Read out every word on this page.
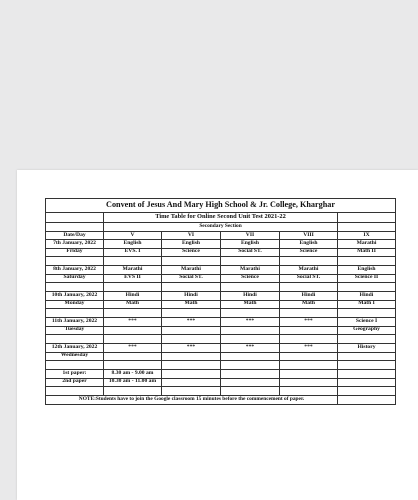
Convent of Jesus And Mary High School & Jr. College, Kharghar					
	Time Table for Online Second Unit Test 2021-22				
	Secondary Section				
Date/Day	V	VI	VII	VIII	IX
7th January, 2022	English	English	English	English	Marathi
Friday	EVS. I	Science	Social ST.	Science	Math II

8th January, 2022	Marathi	Marathi	Marathi	Marathi	English
Saturday	EVS II	Social ST.	Science	Social ST.	Science II

10th January, 2022	Hindi	Hindi	Hindi	Hindi	Hindi
Monday	Math	Math	Math	Math	Math I

11th January, 2022	***	***	***	***	Science I
Tuesday					Geography

12th January, 2022	***	***	***	***	History
Wednesday					

1st paper:	8.30 am - 9.00 am				
2nd paper	10.30 am - 11.00 am				

NOTE:Students have to join the Google classroom 15 minutes before the commencement of paper.					
